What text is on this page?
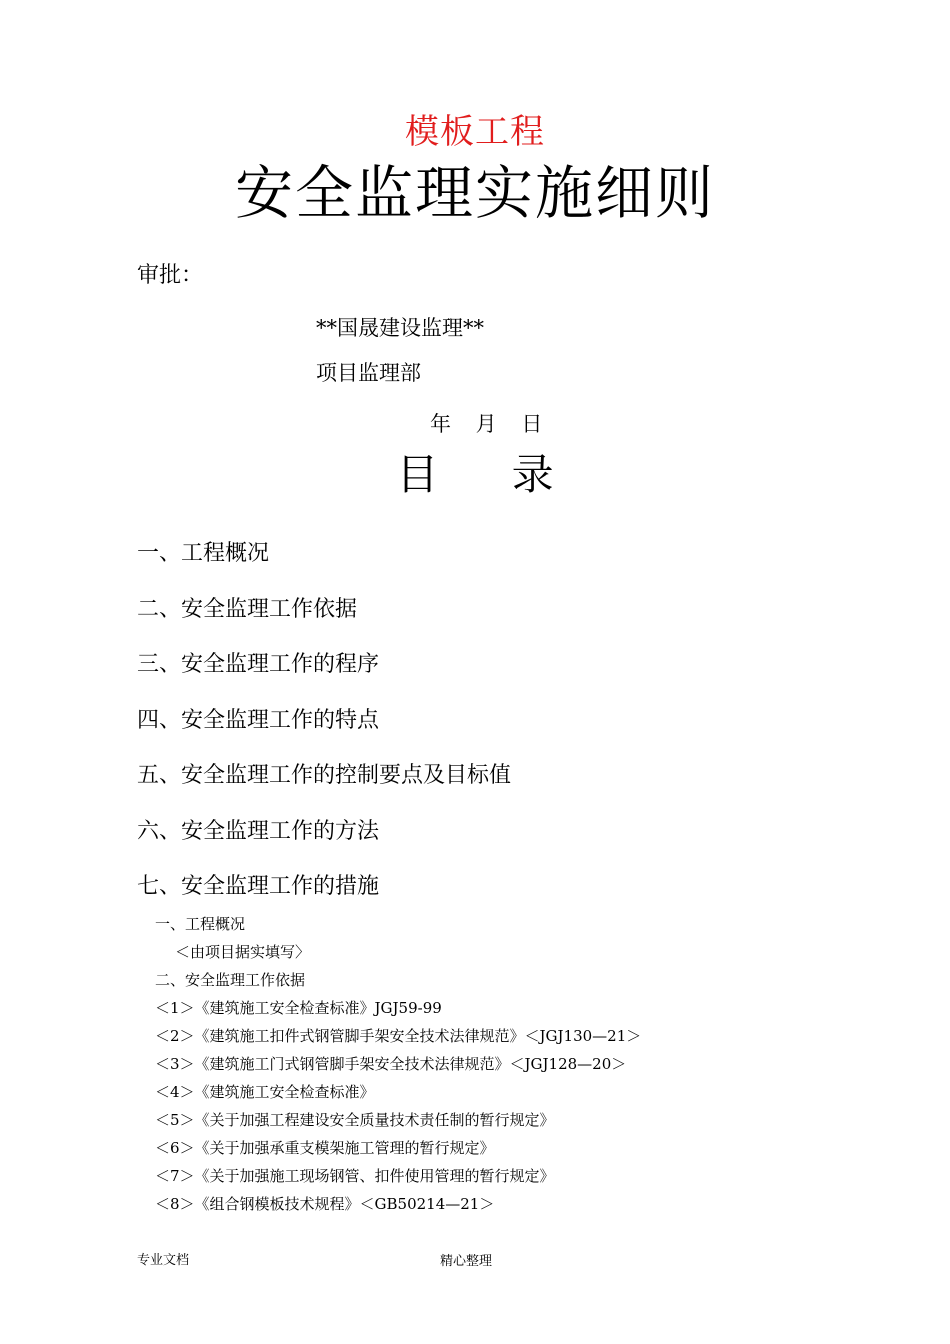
模板工程
安全监理实施细则
审批：
**国晟建设监理**
项目监理部
年 月 日
目 录
一、工程概况
二、安全监理工作依据
三、安全监理工作的程序
四、安全监理工作的特点
五、安全监理工作的控制要点及目标值
六、安全监理工作的方法
七、安全监理工作的措施
一、工程概况
＜由项目据实填写〉
二、安全监理工作依据
＜1＞《建筑施工安全检查标准》JGJ59-99
＜2＞《建筑施工扣件式钢管脚手架安全技术法律规范》＜JGJ130—21＞
＜3＞《建筑施工门式钢管脚手架安全技术法律规范》＜JGJ128—20＞
＜4＞《建筑施工安全检查标准》
＜5＞《关于加强工程建设安全质量技术责任制的暂行规定》
＜6＞《关于加强承重支模架施工管理的暂行规定》
＜7＞《关于加强施工现场钢管、扣件使用管理的暂行规定》
＜8＞《组合钢模板技术规程》＜GB50214—21＞
专业文档	精心整理
